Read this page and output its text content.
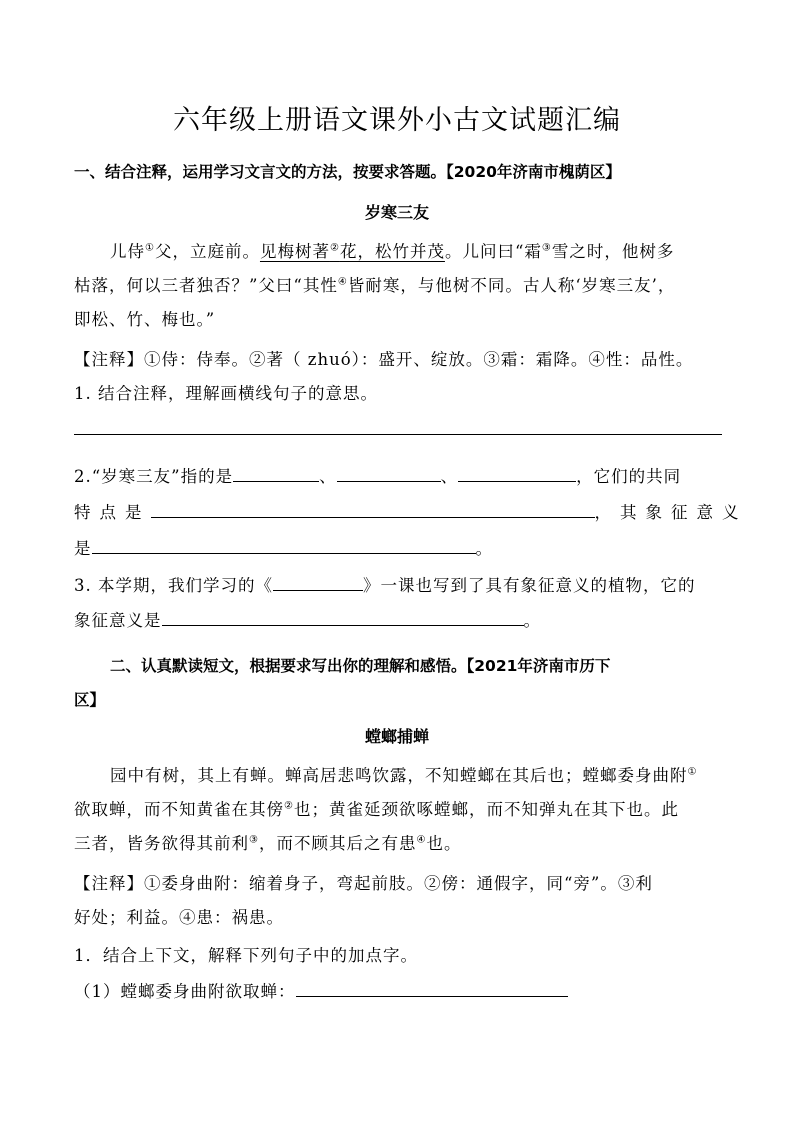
六年级上册语文课外小古文试题汇编
一、结合注释，运用学习文言文的方法，按要求答题。【2020年济南市槐荫区】
岁寒三友
儿侍①父，立庭前。见梅树著②花，松竹并茂。儿问曰“霜③雪之时，他树多
枯落，何以三者独否？”父曰“其性④皆耐寒，与他树不同。古人称‘岁寒三友’，
即松、竹、梅也。”
【注释】①侍：侍奉。②著（ zhuó）：盛开、绽放。③霜：霜降。④性：品性。
1. 结合注释，理解画横线句子的意思。
2.“岁寒三友”指的是	、	、	，它们的共同
特点是	，其象征意义
是	。
3. 本学期，我们学习的《	》一课也写到了具有象征意义的植物，它的
象征意义是	。
二、认真默读短文，根据要求写出你的理解和感悟。【2021年济南市历下
区】
螳螂捕蝉
园中有树，其上有蝉。蝉高居悲鸣饮露，不知螳螂在其后也；螳螂委身曲附①
欲取蝉，而不知黄雀在其傍②也；黄雀延颈欲啄螳螂，而不知弹丸在其下也。此
三者，皆务欲得其前利③，而不顾其后之有患④也。
【注释】①委身曲附：缩着身子，弯起前肢。②傍：通假字，同“旁”。③利
好处；利益。④患：祸患。
1．结合上下文，解释下列句子中的加点字。
（1）螳螂委身曲附欲取蝉：
